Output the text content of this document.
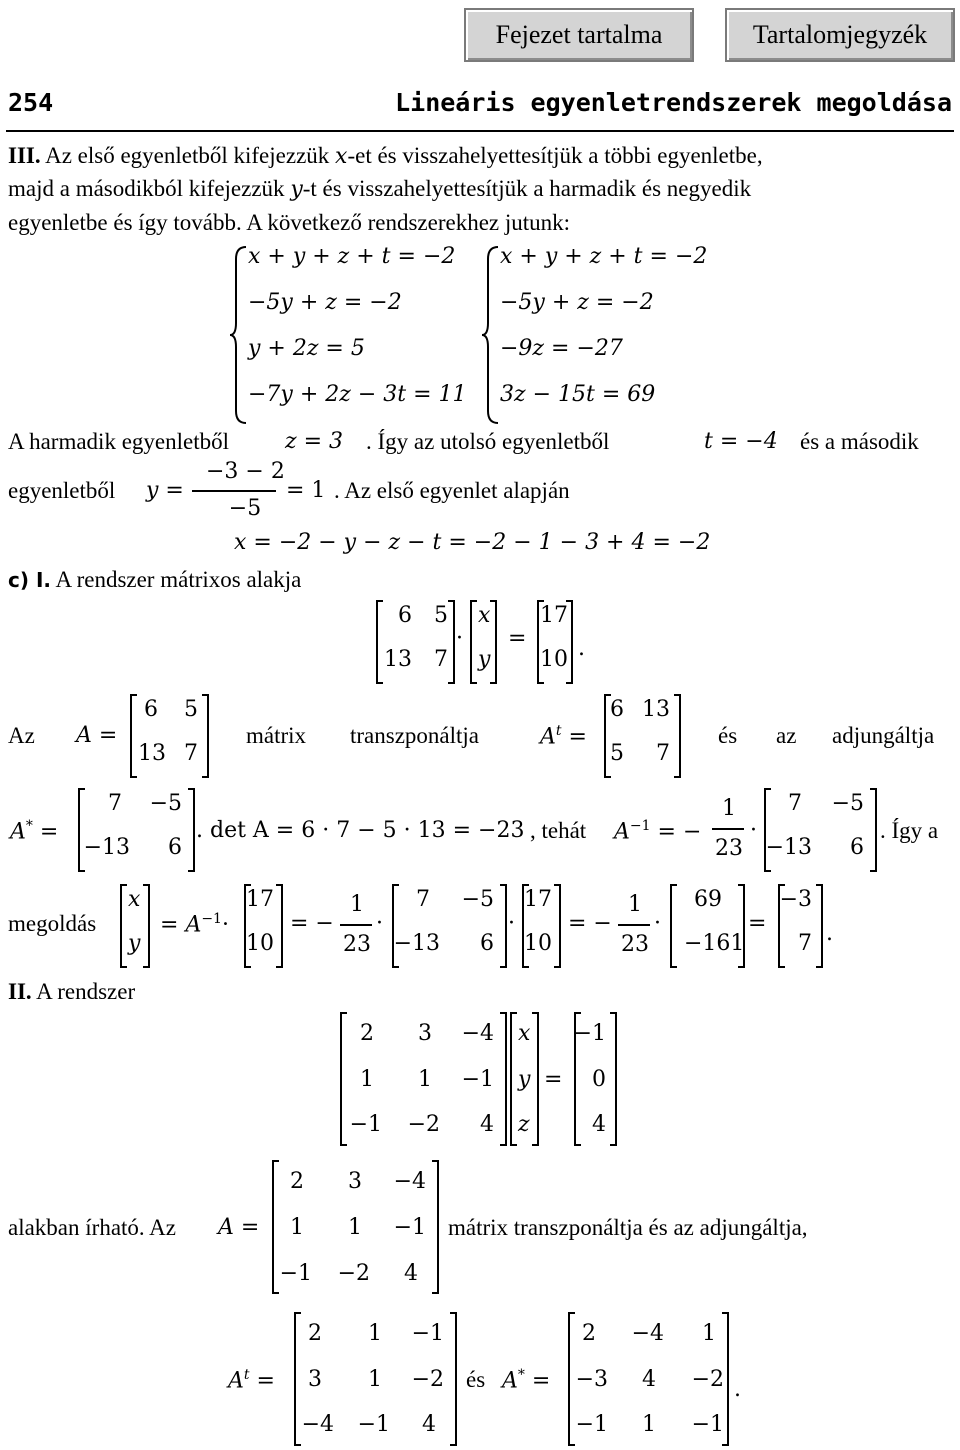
Fejezet tartalma	Tartalomjegyzék
254	Lineáris egyenletrendszerek megoldása
III. Az első egyenletből kifejezzük x-et és visszahelyettesítjük a többi egyenletbe,
majd a másodikból kifejezzük y-t és visszahelyettesítjük a harmadik és negyedik
egyenletbe és így tovább. A következő rendszerekhez jutunk:
x + y + z + t = −2
−5y + z = −2
y + 2z = 5
−7y + 2z − 3t = 11
x + y + z + t = −2
−5y + z = −2
−9z = −27
3z − 15t = 69
A harmadik egyenletből	z = 3 . Így az utolsó egyenletből	t = −4 és a második
egyenletből y =
−3 − 2
−5
= 1 . Az első egyenlet alapján
x = −2 − y − z − t = −2 − 1 − 3 + 4 = −2
c) I. A rendszer mátrixos alakja
6	5
13	7
·
x
y
=
17
10 .
Az A =
6	5
13 7
mátrix transzponáltja	$A^t$ =
6 13
5	7
és az adjungáltja
A* =
7	−5
−13	6
. det A = 6 · 7 − 5 · 13 = −23 , tehát $A^{-1}$ = −
1
23
·
7	−5
−13	6
. Így a
megoldás
x
y
= $A^{-1}\cdot$
17
10
= −
1
23
·
7	−5
−13	6
·
17
10
= −
1
23
·
69
−161
=
−3
7 .
II. A rendszer
2	3	−4
1	1	−1
−1	−2	4
x
y
z
=
−1
0
4
alakban írható. Az A =
2	3	−4
1	1	−1
−1	−2	4
mátrix transzponáltja és az adjungáltja,
$A^t$ =
2	1	−1
3	1	−2
−4	−1	4
és A* =
2	−4	1
−3	4	−2
−1	1	−1
.
